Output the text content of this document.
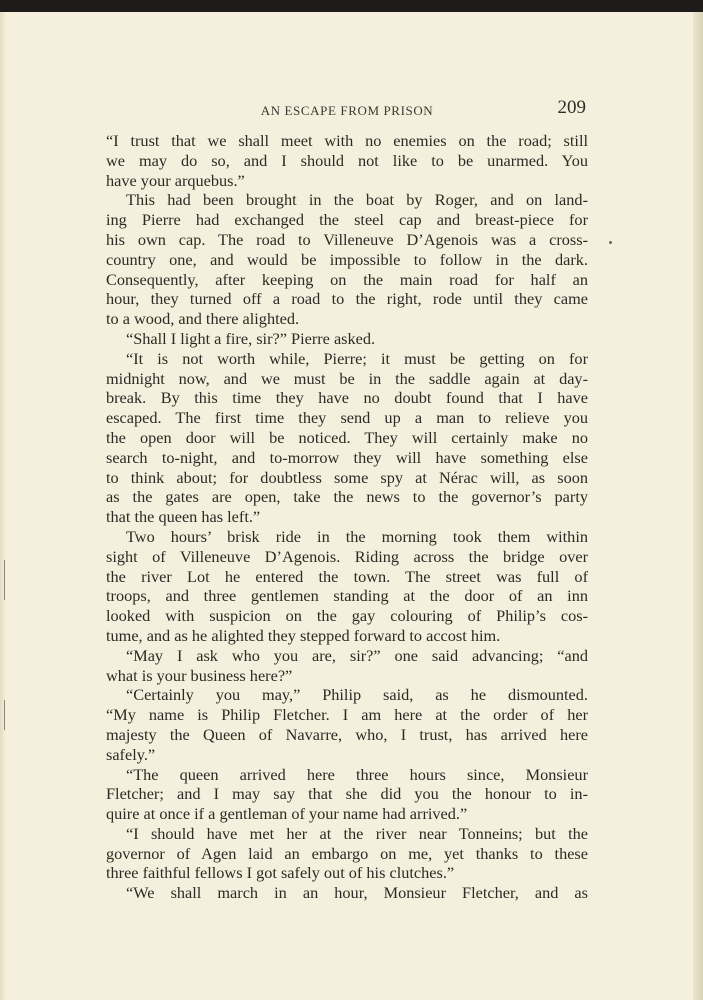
AN ESCAPE FROM PRISON	209
“I trust that we shall meet with no enemies on the road; still
we may do so, and I should not like to be unarmed. You
have your arquebus.”
This had been brought in the boat by Roger, and on land-
ing Pierre had exchanged the steel cap and breast-piece for
his own cap. The road to Villeneuve D’Agenois was a cross-
country one, and would be impossible to follow in the dark.
Consequently, after keeping on the main road for half an
hour, they turned off a road to the right, rode until they came
to a wood, and there alighted.
“Shall I light a fire, sir?” Pierre asked.
“It is not worth while, Pierre; it must be getting on for
midnight now, and we must be in the saddle again at day-
break. By this time they have no doubt found that I have
escaped. The first time they send up a man to relieve you
the open door will be noticed. They will certainly make no
search to-night, and to-morrow they will have something else
to think about; for doubtless some spy at Nérac will, as soon
as the gates are open, take the news to the governor’s party
that the queen has left.”
Two hours’ brisk ride in the morning took them within
sight of Villeneuve D’Agenois. Riding across the bridge over
the river Lot he entered the town. The street was full of
troops, and three gentlemen standing at the door of an inn
looked with suspicion on the gay colouring of Philip’s cos-
tume, and as he alighted they stepped forward to accost him.
“May I ask who you are, sir?” one said advancing; “and
what is your business here?”
“Certainly you may,” Philip said, as he dismounted.
“My name is Philip Fletcher. I am here at the order of her
majesty the Queen of Navarre, who, I trust, has arrived here
safely.”
“The queen arrived here three hours since, Monsieur
Fletcher; and I may say that she did you the honour to in-
quire at once if a gentleman of your name had arrived.”
“I should have met her at the river near Tonneins; but the
governor of Agen laid an embargo on me, yet thanks to these
three faithful fellows I got safely out of his clutches.”
“We shall march in an hour, Monsieur Fletcher, and as
